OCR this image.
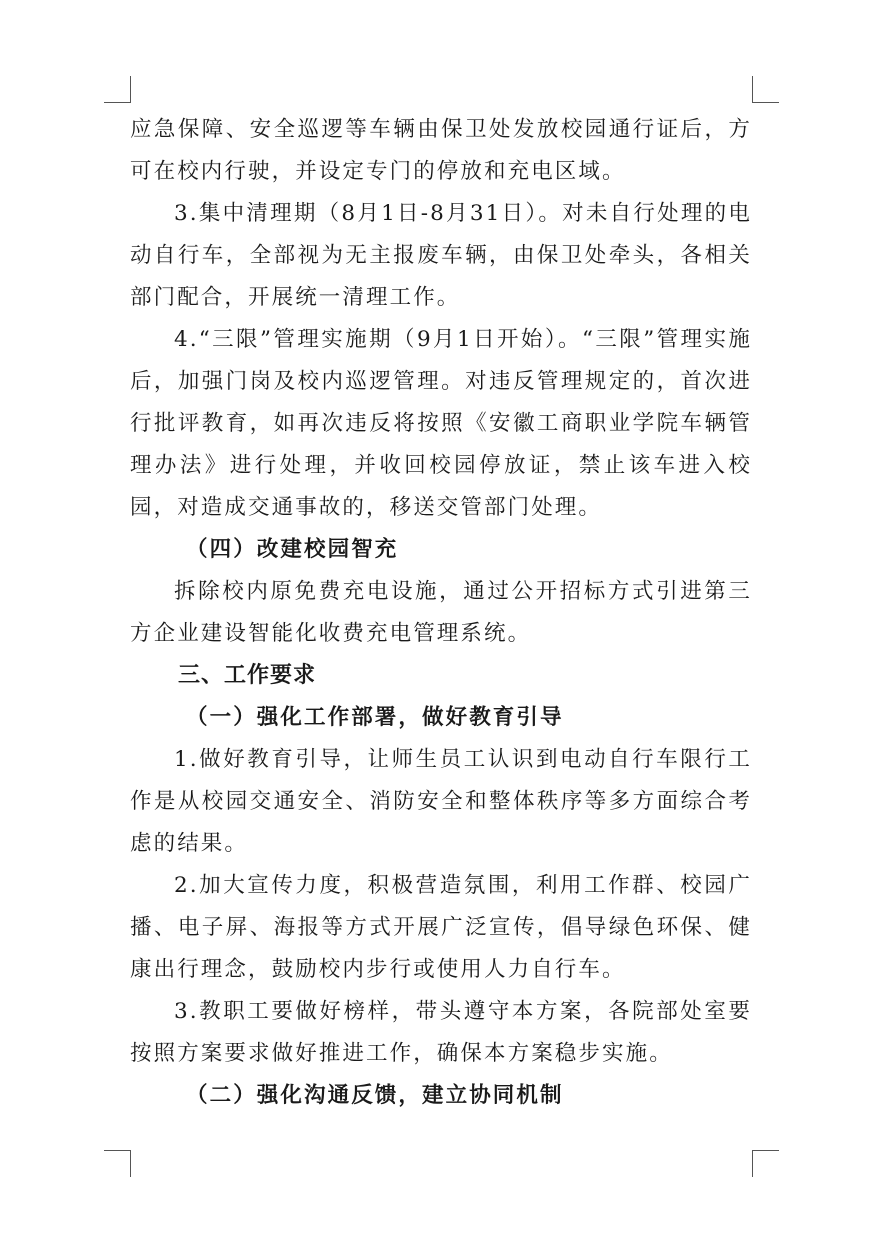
应急保障、安全巡逻等车辆由保卫处发放校园通行证后，方可在校内行驶，并设定专门的停放和充电区域。

3.集中清理期（8月1日-8月31日）。对未自行处理的电动自行车，全部视为无主报废车辆，由保卫处牵头，各相关部门配合，开展统一清理工作。

4.“三限”管理实施期（9月1日开始）。“三限”管理实施后，加强门岗及校内巡逻管理。对违反管理规定的，首次进行批评教育，如再次违反将按照《安徽工商职业学院车辆管理办法》进行处理，并收回校园停放证，禁止该车进入校园，对造成交通事故的，移送交管部门处理。

（四）改建校园智充

拆除校内原免费充电设施，通过公开招标方式引进第三方企业建设智能化收费充电管理系统。

三、工作要求

（一）强化工作部署，做好教育引导

1.做好教育引导，让师生员工认识到电动自行车限行工作是从校园交通安全、消防安全和整体秩序等多方面综合考虑的结果。

2.加大宣传力度，积极营造氛围，利用工作群、校园广播、电子屏、海报等方式开展广泛宣传，倡导绿色环保、健康出行理念，鼓励校内步行或使用人力自行车。

3.教职工要做好榜样，带头遵守本方案，各院部处室要按照方案要求做好推进工作，确保本方案稳步实施。

（二）强化沟通反馈，建立协同机制
